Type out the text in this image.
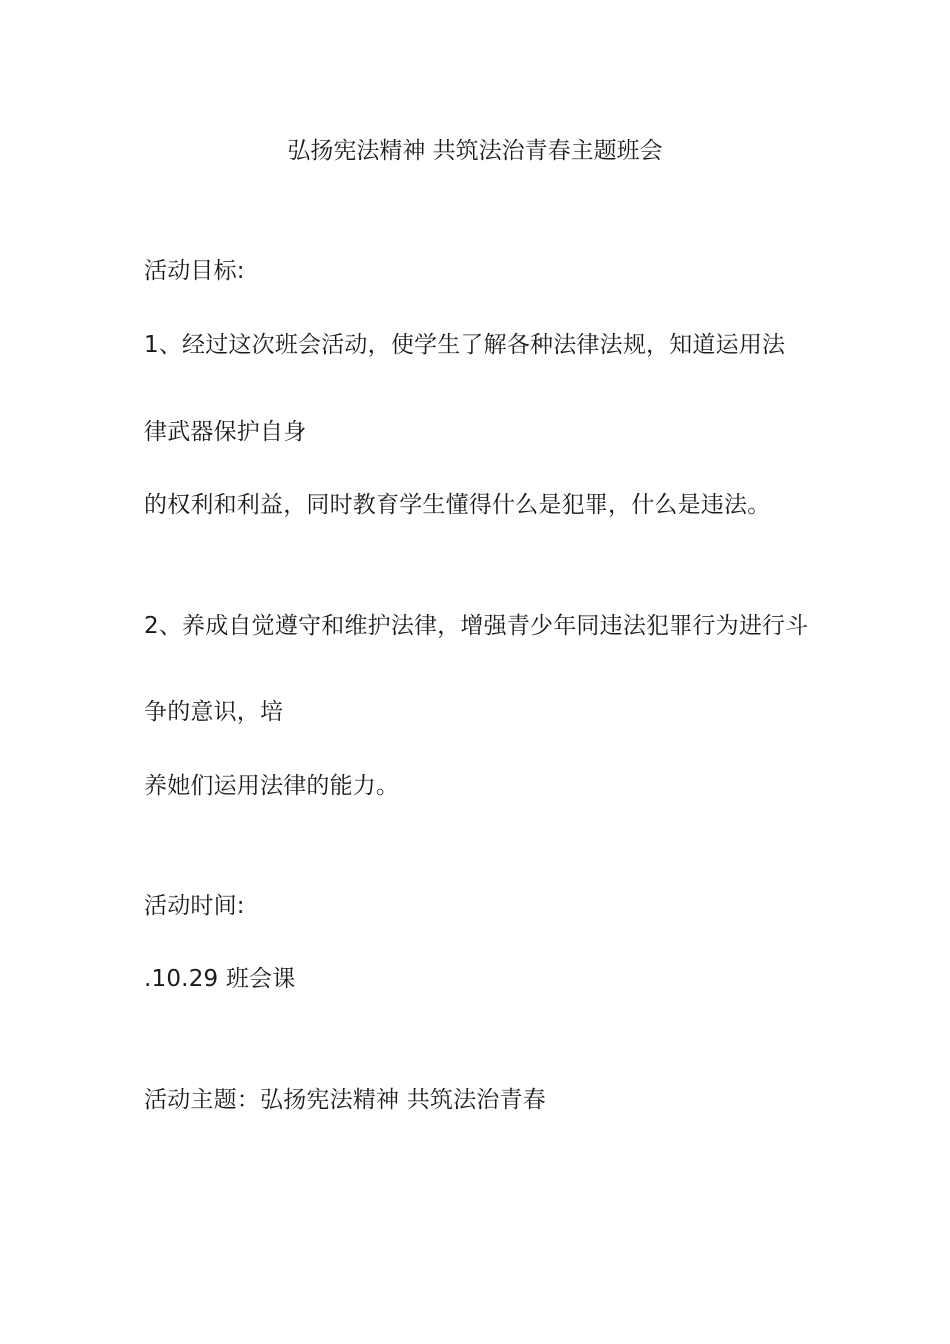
弘扬宪法精神 共筑法治青春主题班会
活动目标:
1、经过这次班会活动，使学生了解各种法律法规，知道运用法
律武器保护自身
的权利和利益，同时教育学生懂得什么是犯罪，什么是违法。
2、养成自觉遵守和维护法律，增强青少年同违法犯罪行为进行斗
争的意识，培
养她们运用法律的能力。
活动时间:
.10.29 班会课
活动主题：弘扬宪法精神 共筑法治青春
